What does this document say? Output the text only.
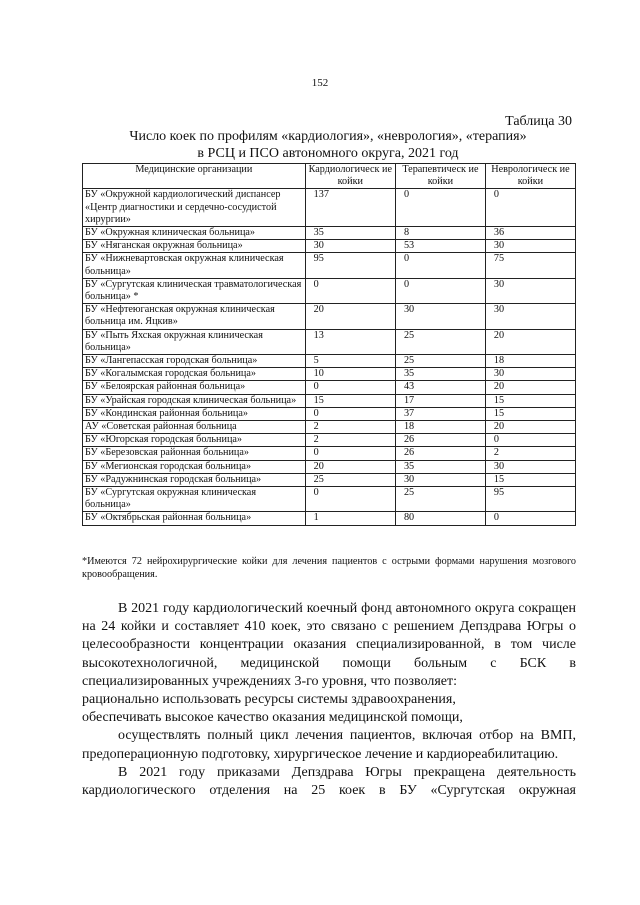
152
Таблица 30
Число коек по профилям «кардиология», «неврология», «терапия»
в РСЦ и ПСО автономного округа, 2021 год
Медицинские организации	Кардиологическ ие койки	Терапевтическ ие койки	Неврологическ ие койки
БУ «Окружной кардиологический диспансер «Центр диагностики и сердечно-сосудистой хирургии»	137	0	0
БУ «Окружная клиническая больница»	35	8	36
БУ «Няганская окружная больница»	30	53	30
БУ «Нижневартовская окружная клиническая больница»	95	0	75
БУ «Сургутская клиническая травматологическая больница» *	0	0	30
БУ «Нефтеюганская окружная клиническая больница им. Яцкив»	20	30	30
БУ «Пыть Яхская окружная клиническая больница»	13	25	20
БУ «Лангепасская городская больница»	5	25	18
БУ «Когалымская городская больница»	10	35	30
БУ «Белоярская районная больница»	0	43	20
БУ «Урайская городская клиническая больница»	15	17	15
БУ «Кондинская районная больница»	0	37	15
АУ «Советская районная больница	2	18	20
БУ «Югорская городская больница»	2	26	0
БУ «Березовская районная больница»	0	26	2
БУ «Мегионская городская больница»	20	35	30
БУ «Радужнинская городская больница»	25	30	15
БУ «Сургутская окружная клиническая больница»	0	25	95
БУ «Октябрьская районная больница»	1	80	0
*Имеются 72 нейрохирургические койки для лечения пациентов с острыми формами нарушения мозгового кровообращения.

В 2021 году кардиологический коечный фонд автономного округа сокращен на 24 койки и составляет 410 коек, это связано с решением Депздрава Югры о целесообразности концентрации оказания специализированной, в том числе высокотехнологичной, медицинской помощи больным с БСК в специализированных учреждениях 3-го уровня, что позволяет:

рационально использовать ресурсы системы здравоохранения,

обеспечивать высокое качество оказания медицинской помощи,

осуществлять полный цикл лечения пациентов, включая отбор на ВМП, предоперационную подготовку, хирургическое лечение и кардиореабилитацию.

В 2021 году приказами Депздрава Югры прекращена деятельность кардиологического отделения на 25 коек в БУ «Сургутская окружная
